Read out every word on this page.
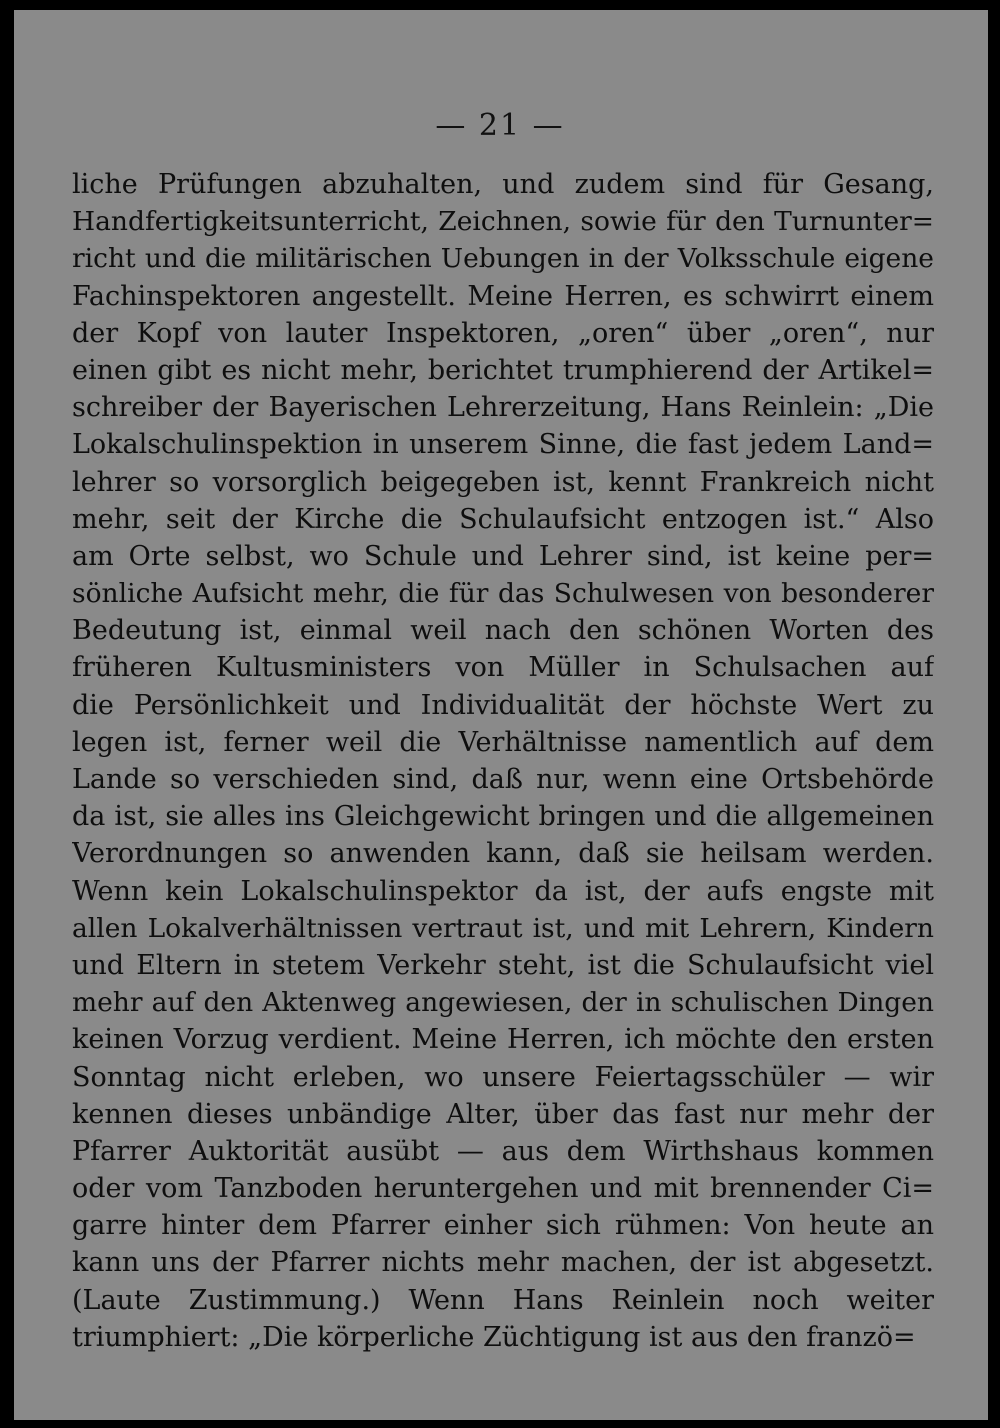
— 21 —
liche Prüfungen abzuhalten, und zudem sind für Gesang,
Handfertigkeitsunterricht, Zeichnen, sowie für den Turnunter=
richt und die militärischen Uebungen in der Volksschule eigene
Fachinspektoren angestellt. Meine Herren, es schwirrt einem
der Kopf von lauter Inspektoren, „oren“ über „oren“, nur
einen gibt es nicht mehr, berichtet trumphierend der Artikel=
schreiber der Bayerischen Lehrerzeitung, Hans Reinlein: „Die
Lokalschulinspektion in unserem Sinne, die fast jedem Land=
lehrer so vorsorglich beigegeben ist, kennt Frankreich nicht
mehr, seit der Kirche die Schulaufsicht entzogen ist.“ Also
am Orte selbst, wo Schule und Lehrer sind, ist keine per=
sönliche Aufsicht mehr, die für das Schulwesen von besonderer
Bedeutung ist, einmal weil nach den schönen Worten des
früheren Kultusministers von Müller in Schulsachen auf
die Persönlichkeit und Individualität der höchste Wert zu
legen ist, ferner weil die Verhältnisse namentlich auf dem
Lande so verschieden sind, daß nur, wenn eine Ortsbehörde
da ist, sie alles ins Gleichgewicht bringen und die allgemeinen
Verordnungen so anwenden kann, daß sie heilsam werden.
Wenn kein Lokalschulinspektor da ist, der aufs engste mit
allen Lokalverhältnissen vertraut ist, und mit Lehrern, Kindern
und Eltern in stetem Verkehr steht, ist die Schulaufsicht viel
mehr auf den Aktenweg angewiesen, der in schulischen Dingen
keinen Vorzug verdient. Meine Herren, ich möchte den ersten
Sonntag nicht erleben, wo unsere Feiertagsschüler — wir
kennen dieses unbändige Alter, über das fast nur mehr der
Pfarrer Auktorität ausübt — aus dem Wirthshaus kommen
oder vom Tanzboden heruntergehen und mit brennender Ci=
garre hinter dem Pfarrer einher sich rühmen: Von heute an
kann uns der Pfarrer nichts mehr machen, der ist abgesetzt.
(Laute Zustimmung.) Wenn Hans Reinlein noch weiter
triumphiert: „Die körperliche Züchtigung ist aus den franzö=
